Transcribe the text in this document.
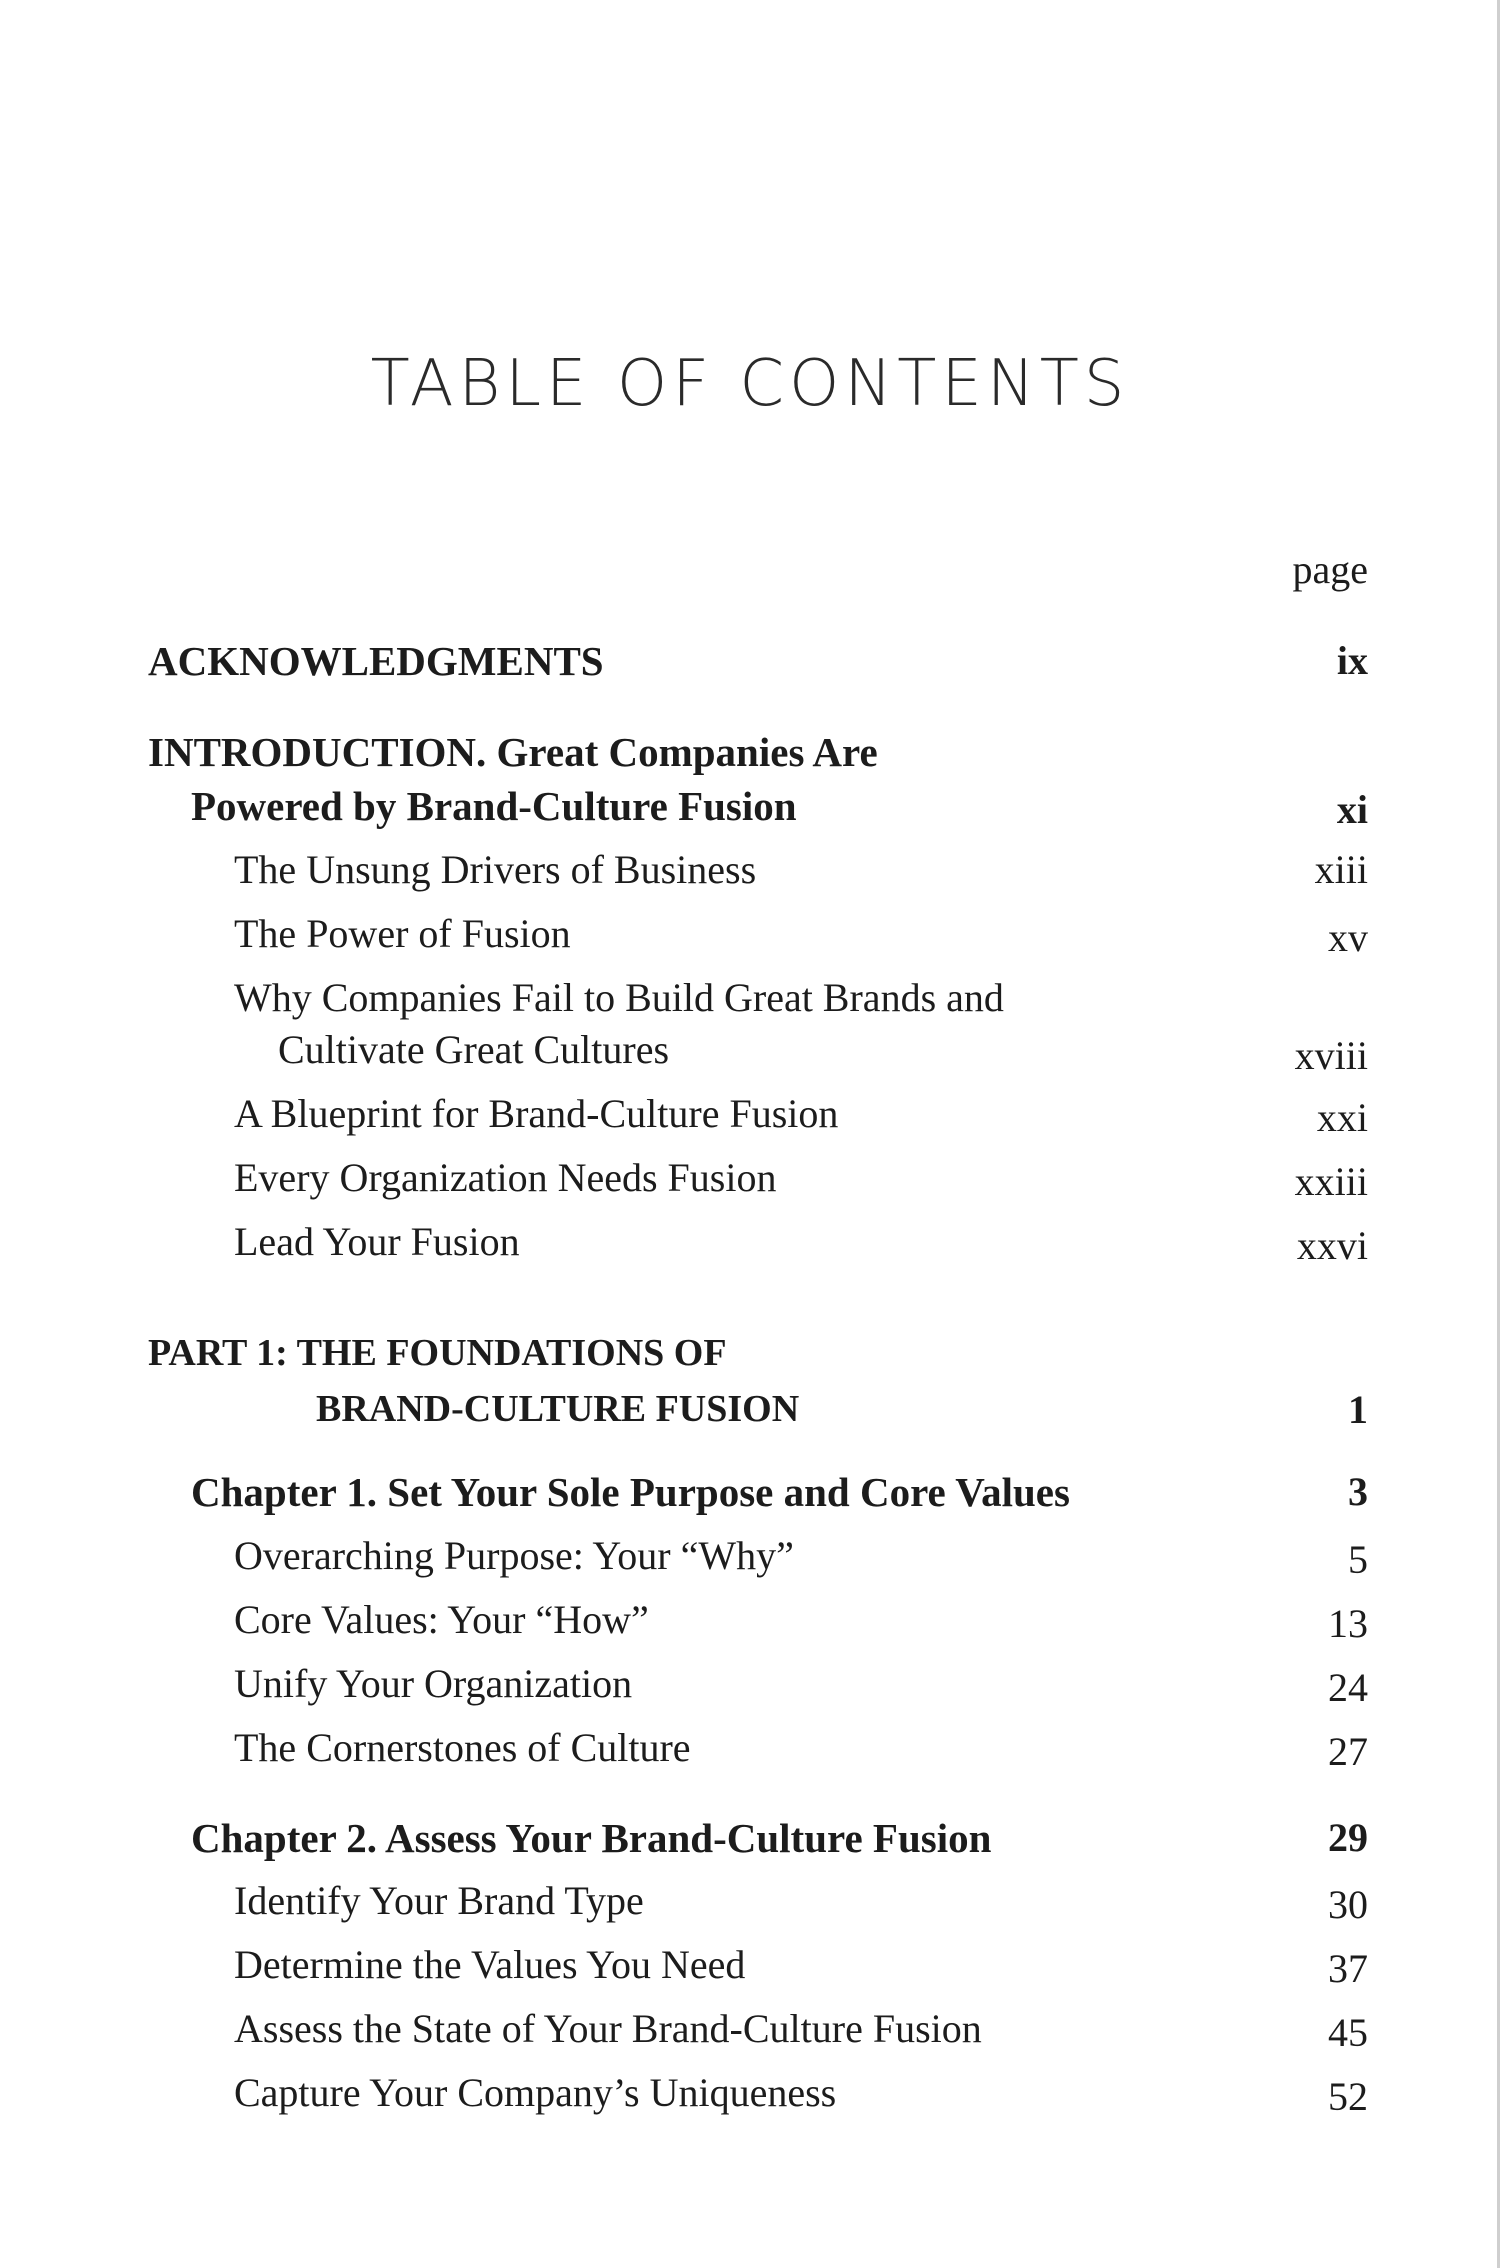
TABLE OF CONTENTS
page
ACKNOWLEDGMENTS	ix
INTRODUCTION. Great Companies Are
Powered by Brand-Culture Fusion	xi
The Unsung Drivers of Business	xiii
The Power of Fusion	xv
Why Companies Fail to Build Great Brands and
Cultivate Great Cultures	xviii
A Blueprint for Brand-Culture Fusion	xxi
Every Organization Needs Fusion	xxiii
Lead Your Fusion	xxvi
PART 1: THE FOUNDATIONS OF
BRAND-CULTURE FUSION	1
Chapter 1. Set Your Sole Purpose and Core Values	3
Overarching Purpose: Your “Why”	5
Core Values: Your “How”	13
Unify Your Organization	24
The Cornerstones of Culture	27
Chapter 2. Assess Your Brand-Culture Fusion	29
Identify Your Brand Type	30
Determine the Values You Need	37
Assess the State of Your Brand-Culture Fusion	45
Capture Your Company’s Uniqueness	52
